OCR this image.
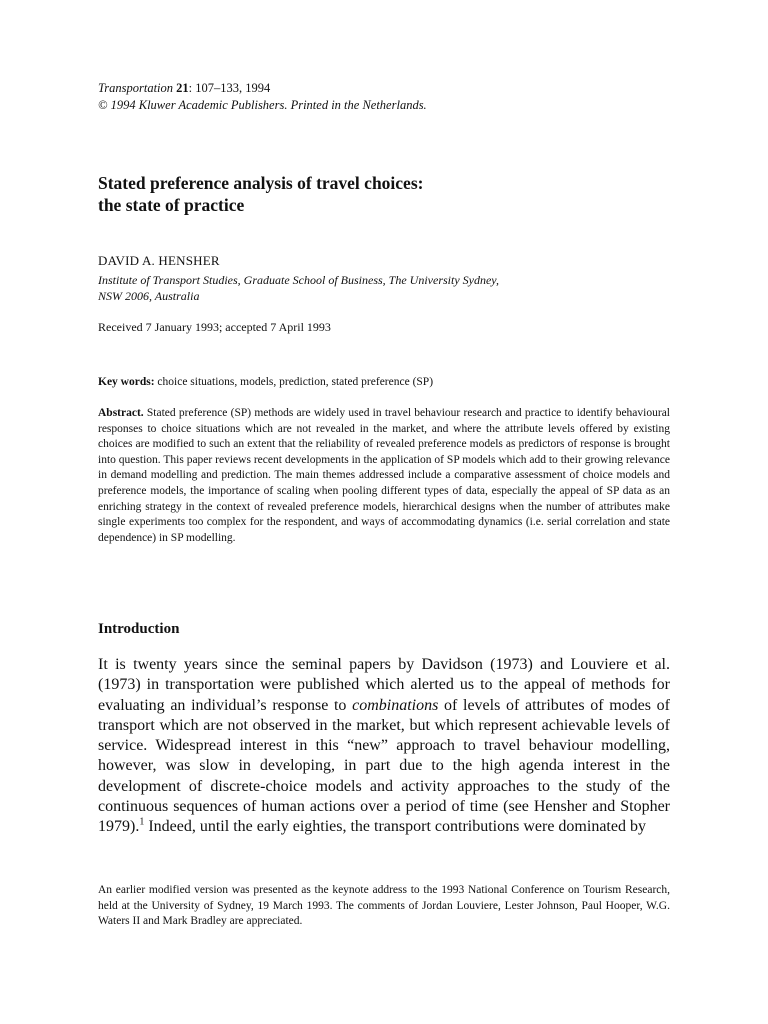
Transportation 21: 107–133, 1994
© 1994 Kluwer Academic Publishers. Printed in the Netherlands.
Stated preference analysis of travel choices:
the state of practice
DAVID A. HENSHER
Institute of Transport Studies, Graduate School of Business, The University Sydney,
NSW 2006, Australia
Received 7 January 1993; accepted 7 April 1993
Key words: choice situations, models, prediction, stated preference (SP)
Abstract. Stated preference (SP) methods are widely used in travel behaviour research and practice to identify behavioural responses to choice situations which are not revealed in the market, and where the attribute levels offered by existing choices are modified to such an extent that the reliability of revealed preference models as predictors of response is brought into question. This paper reviews recent developments in the application of SP models which add to their growing relevance in demand modelling and prediction. The main themes addressed include a comparative assessment of choice models and preference models, the importance of scaling when pooling different types of data, especially the appeal of SP data as an enriching strategy in the context of revealed preference models, hierarchical designs when the number of attributes make single experiments too complex for the respondent, and ways of accommodating dynamics (i.e. serial correlation and state dependence) in SP modelling.
Introduction
It is twenty years since the seminal papers by Davidson (1973) and Louviere et al. (1973) in transportation were published which alerted us to the appeal of methods for evaluating an individual’s response to combinations of levels of attributes of modes of transport which are not observed in the market, but which represent achievable levels of service. Widespread interest in this “new” approach to travel behaviour modelling, however, was slow in developing, in part due to the high agenda interest in the development of discrete-choice models and activity approaches to the study of the continuous sequences of human actions over a period of time (see Hensher and Stopher 1979).$^1$ Indeed, until the early eighties, the transport contributions were dominated by
An earlier modified version was presented as the keynote address to the 1993 National Conference on Tourism Research, held at the University of Sydney, 19 March 1993. The comments of Jordan Louviere, Lester Johnson, Paul Hooper, W.G. Waters II and Mark Bradley are appreciated.
